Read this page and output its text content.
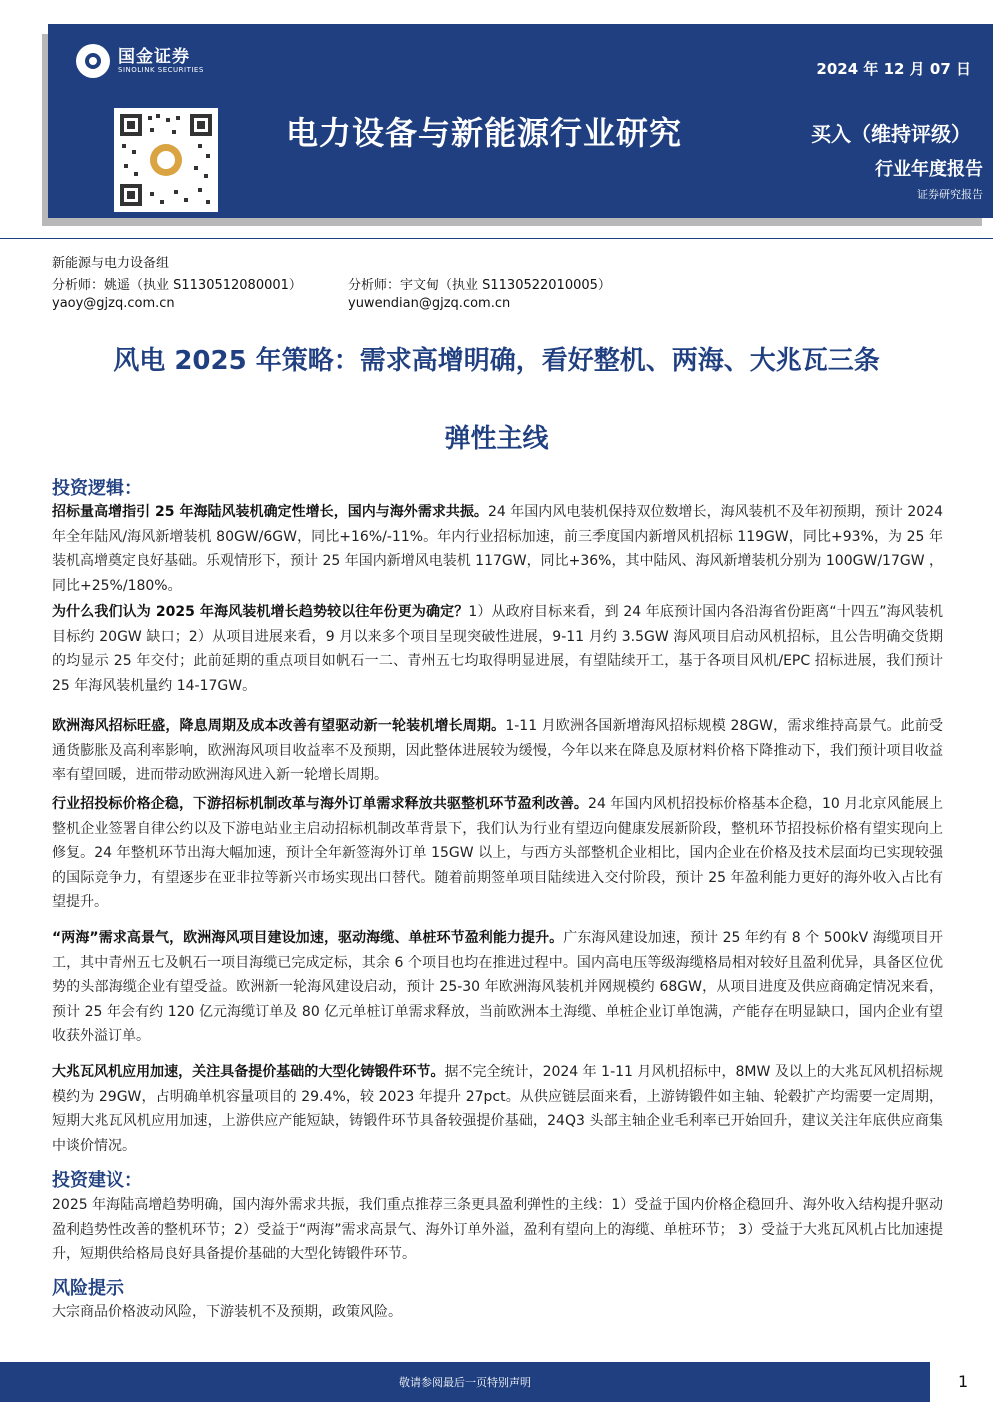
国金证券
SINOLINK SECURITIES	2024 年 12 月 07 日
电力设备与新能源行业研究	买入（维持评级）
行业年度报告
证券研究报告
新能源与电力设备组
分析师：姚遥（执业 S1130512080001）
yaoy@gjzq.com.cn
分析师：宇文甸（执业 S1130522010005）
yuwendian@gjzq.com.cn
风电 2025 年策略：需求高增明确，看好整机、两海、大兆瓦三条
弹性主线
投资逻辑：
招标量高增指引 25 年海陆风装机确定性增长，国内与海外需求共振。24 年国内风电装机保持双位数增长，海风装机不及年初预期，预计 2024 年全年陆风/海风新增装机 80GW/6GW，同比+16%/-11%。年内行业招标加速，前三季度国内新增风机招标 119GW，同比+93%，为 25 年装机高增奠定良好基础。乐观情形下，预计 25 年国内新增风电装机 117GW，同比+36%，其中陆风、海风新增装机分别为 100GW/17GW ，同比+25%/180%。
为什么我们认为 2025 年海风装机增长趋势较以往年份更为确定？1）从政府目标来看，到 24 年底预计国内各沿海省份距离“十四五”海风装机目标约 20GW 缺口；2）从项目进展来看，9 月以来多个项目呈现突破性进展，9-11 月约 3.5GW 海风项目启动风机招标，且公告明确交货期的均显示 25 年交付；此前延期的重点项目如帆石一二、青州五七均取得明显进展，有望陆续开工，基于各项目风机/EPC 招标进展，我们预计 25 年海风装机量约 14-17GW。
欧洲海风招标旺盛，降息周期及成本改善有望驱动新一轮装机增长周期。1-11 月欧洲各国新增海风招标规模 28GW，需求维持高景气。此前受通货膨胀及高利率影响，欧洲海风项目收益率不及预期，因此整体进展较为缓慢，今年以来在降息及原材料价格下降推动下，我们预计项目收益率有望回暖，进而带动欧洲海风进入新一轮增长周期。
行业招投标价格企稳，下游招标机制改革与海外订单需求释放共驱整机环节盈利改善。24 年国内风机招投标价格基本企稳，10 月北京风能展上整机企业签署自律公约以及下游电站业主启动招标机制改革背景下，我们认为行业有望迈向健康发展新阶段，整机环节招投标价格有望实现向上修复。24 年整机环节出海大幅加速，预计全年新签海外订单 15GW 以上，与西方头部整机企业相比，国内企业在价格及技术层面均已实现较强的国际竞争力，有望逐步在亚非拉等新兴市场实现出口替代。随着前期签单项目陆续进入交付阶段，预计 25 年盈利能力更好的海外收入占比有望提升。
“两海”需求高景气，欧洲海风项目建设加速，驱动海缆、单桩环节盈利能力提升。广东海风建设加速，预计 25 年约有 8 个 500kV 海缆项目开工，其中青州五七及帆石一项目海缆已完成定标，其余 6 个项目也均在推进过程中。国内高电压等级海缆格局相对较好且盈利优异，具备区位优势的头部海缆企业有望受益。欧洲新一轮海风建设启动，预计 25-30 年欧洲海风装机并网规模约 68GW，从项目进度及供应商确定情况来看，预计 25 年会有约 120 亿元海缆订单及 80 亿元单桩订单需求释放，当前欧洲本土海缆、单桩企业订单饱满，产能存在明显缺口，国内企业有望收获外溢订单。
大兆瓦风机应用加速，关注具备提价基础的大型化铸锻件环节。据不完全统计，2024 年 1-11 月风机招标中，8MW 及以上的大兆瓦风机招标规模约为 29GW，占明确单机容量项目的 29.4%，较 2023 年提升 27pct。从供应链层面来看，上游铸锻件如主轴、轮毂扩产均需要一定周期，短期大兆瓦风机应用加速，上游供应产能短缺，铸锻件环节具备较强提价基础，24Q3 头部主轴企业毛利率已开始回升，建议关注年底供应商集中谈价情况。
投资建议：
2025 年海陆高增趋势明确，国内海外需求共振，我们重点推荐三条更具盈利弹性的主线：1）受益于国内价格企稳回升、海外收入结构提升驱动盈利趋势性改善的整机环节；2）受益于“两海”需求高景气、海外订单外溢，盈利有望向上的海缆、单桩环节； 3）受益于大兆瓦风机占比加速提升，短期供给格局良好具备提价基础的大型化铸锻件环节。
风险提示
大宗商品价格波动风险，下游装机不及预期，政策风险。
敬请参阅最后一页特别声明	1
